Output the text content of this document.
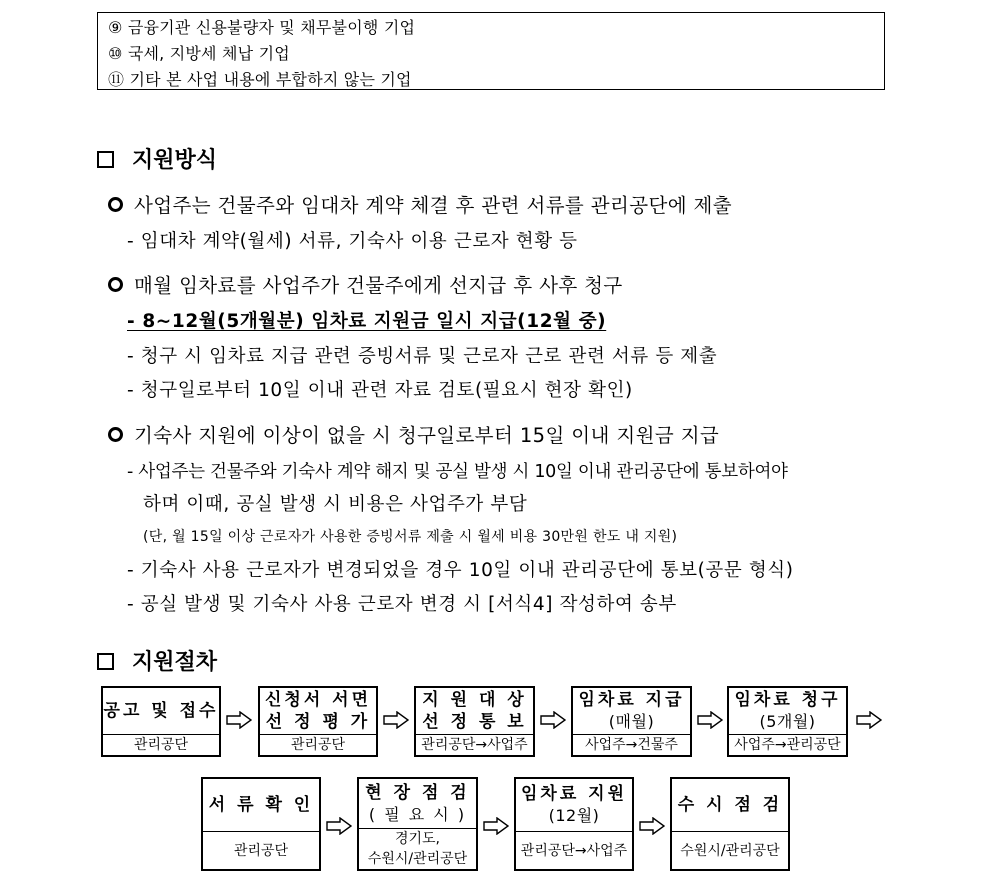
⑨ 금융기관 신용불량자 및 채무불이행 기업
⑩ 국세, 지방세 체납 기업
⑪ 기타 본 사업 내용에 부합하지 않는 기업
지원방식
사업주는 건물주와 임대차 계약 체결 후 관련 서류를 관리공단에 제출
- 임대차 계약(월세) 서류, 기숙사 이용 근로자 현황 등
매월 임차료를 사업주가 건물주에게 선지급 후 사후 청구
- 8~12월(5개월분) 임차료 지원금 일시 지급(12월 중)
- 청구 시 임차료 지급 관련 증빙서류 및 근로자 근로 관련 서류 등 제출
- 청구일로부터 10일 이내 관련 자료 검토(필요시 현장 확인)
기숙사 지원에 이상이 없을 시 청구일로부터 15일 이내 지원금 지급
- 사업주는 건물주와 기숙사 계약 해지 및 공실 발생 시 10일 이내 관리공단에 통보하여야
하며 이때, 공실 발생 시 비용은 사업주가 부담
(단, 월 15일 이상 근로자가 사용한 증빙서류 제출 시 월세 비용 30만원 한도 내 지원)
- 기숙사 사용 근로자가 변경되었을 경우 10일 이내 관리공단에 통보(공문 형식)
- 공실 발생 및 기숙사 사용 근로자 변경 시 [서식4] 작성하여 송부
지원절차
공고 및 접수
관리공단
신청서 서면
선 정 평 가
관리공단
지 원 대 상
선 정 통 보
관리공단→사업주
임차료 지급
(매월)
사업주→건물주
임차료 청구
(5개월)
사업주→관리공단
서 류 확 인
관리공단
현 장 점 검
( 필 요 시 )
경기도,
수원시/관리공단
임차료 지원
(12월)
관리공단→사업주
수 시 점 검
수원시/관리공단
